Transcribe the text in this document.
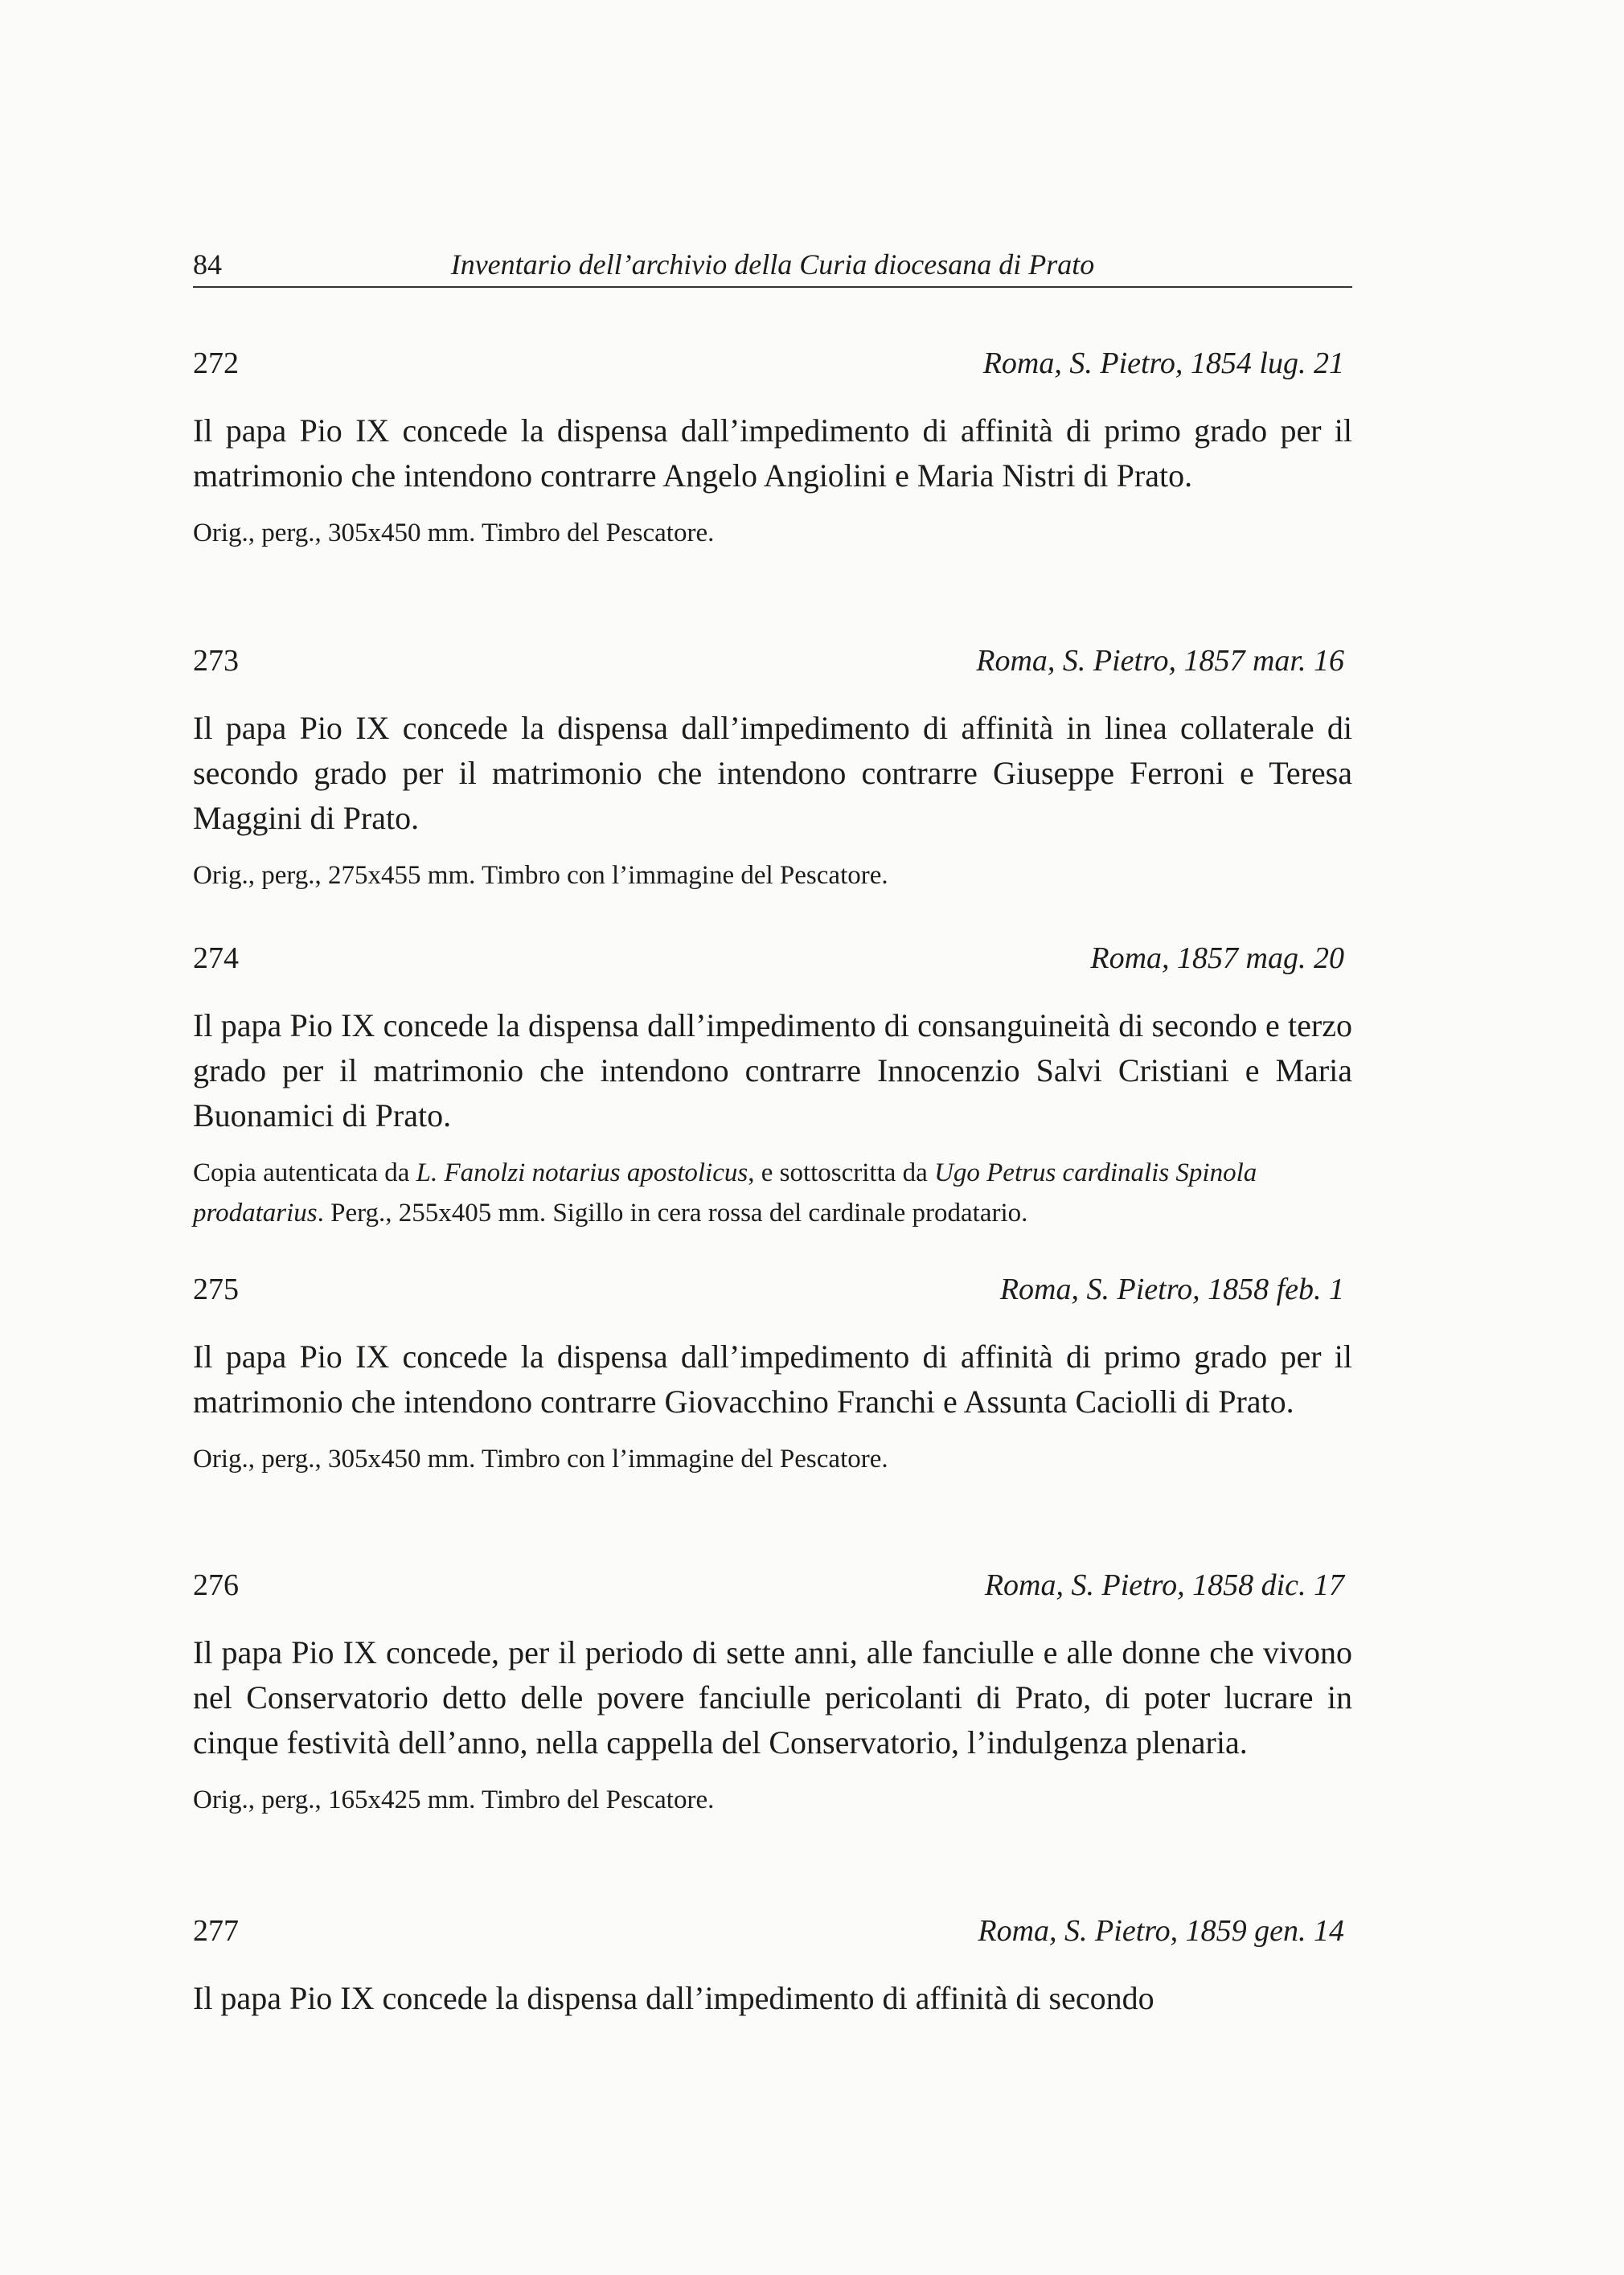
84	Inventario dell’archivio della Curia diocesana di Prato
272	Roma, S. Pietro, 1854 lug. 21
Il papa Pio IX concede la dispensa dall’impedimento di affinità di primo grado per il matrimonio che intendono contrarre Angelo Angiolini e Maria Nistri di Prato.
Orig., perg., 305x450 mm. Timbro del Pescatore.
273	Roma, S. Pietro, 1857 mar. 16
Il papa Pio IX concede la dispensa dall’impedimento di affinità in linea collaterale di secondo grado per il matrimonio che intendono contrarre Giuseppe Ferroni e Teresa Maggini di Prato.
Orig., perg., 275x455 mm. Timbro con l’immagine del Pescatore.
274	Roma, 1857 mag. 20
Il papa Pio IX concede la dispensa dall’impedimento di consanguineità di secondo e terzo grado per il matrimonio che intendono contrarre Innocenzio Salvi Cristiani e Maria Buonamici di Prato.
Copia autenticata da L. Fanolzi notarius apostolicus, e sottoscritta da Ugo Petrus cardinalis Spinola prodatarius. Perg., 255x405 mm. Sigillo in cera rossa del cardinale prodatario.
275	Roma, S. Pietro, 1858 feb. 1
Il papa Pio IX concede la dispensa dall’impedimento di affinità di primo grado per il matrimonio che intendono contrarre Giovacchino Franchi e Assunta Caciolli di Prato.
Orig., perg., 305x450 mm. Timbro con l’immagine del Pescatore.
276	Roma, S. Pietro, 1858 dic. 17
Il papa Pio IX concede, per il periodo di sette anni, alle fanciulle e alle donne che vivono nel Conservatorio detto delle povere fanciulle pericolanti di Prato, di poter lucrare in cinque festività dell’anno, nella cappella del Conservatorio, l’indulgenza plenaria.
Orig., perg., 165x425 mm. Timbro del Pescatore.
277	Roma, S. Pietro, 1859 gen. 14
Il papa Pio IX concede la dispensa dall’impedimento di affinità di secondo
